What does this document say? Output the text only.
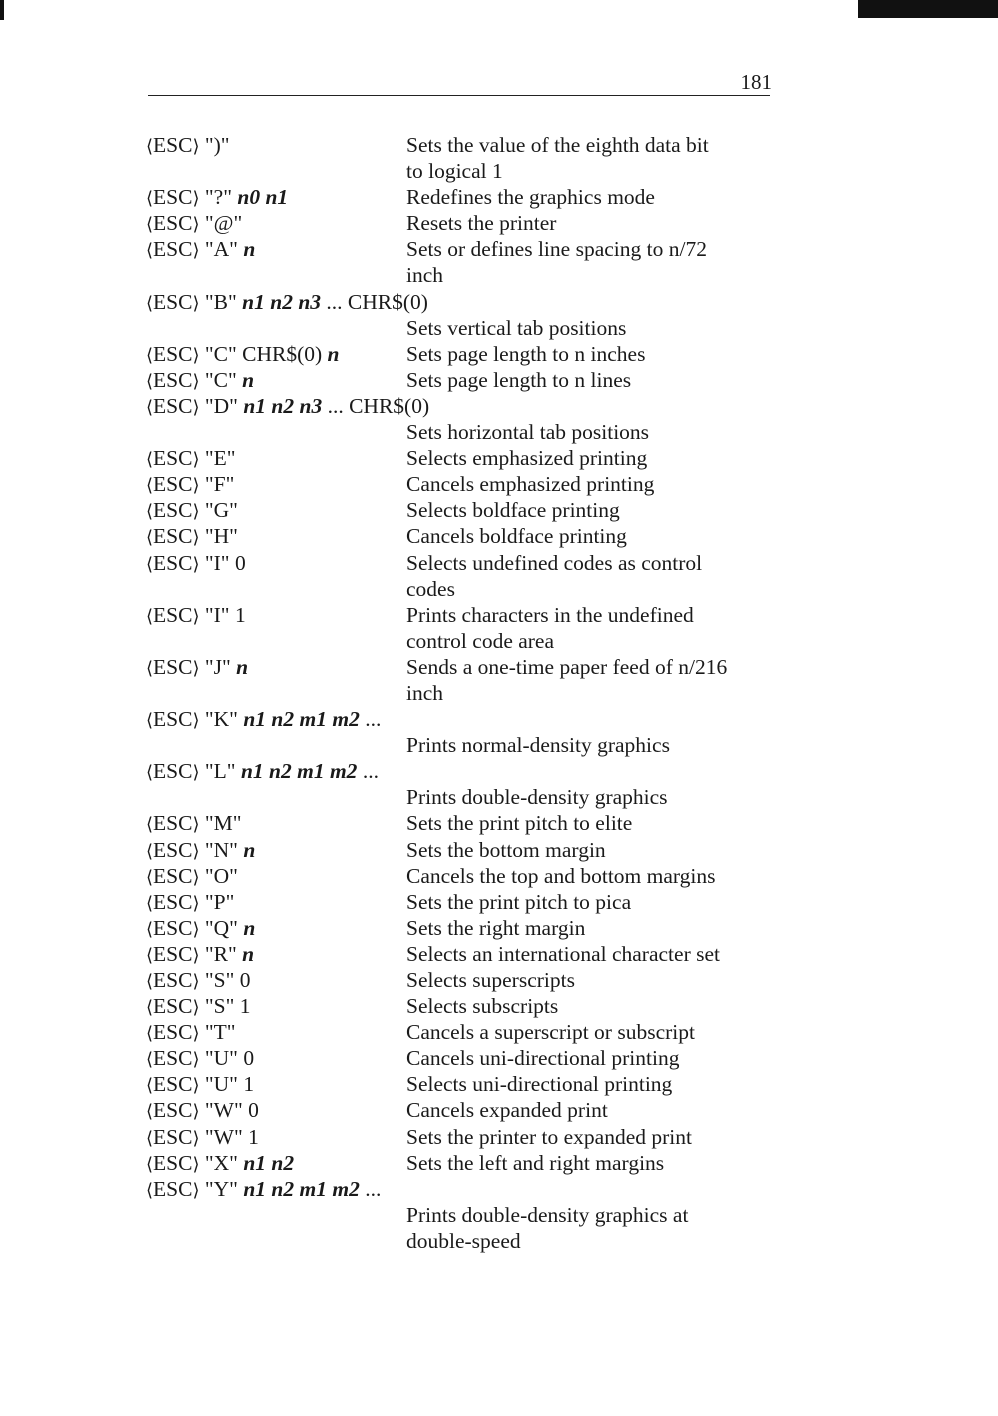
181
⟨ESC⟩ ")"	Sets the value of the eighth data bit
to logical 1
⟨ESC⟩ "?" n0 n1	Redefines the graphics mode
⟨ESC⟩ "@"	Resets the printer
⟨ESC⟩ "A" n	Sets or defines line spacing to n/72
inch
⟨ESC⟩ "B" n1 n2 n3 ... CHR$(0)
Sets vertical tab positions
⟨ESC⟩ "C" CHR$(0) n	Sets page length to n inches
⟨ESC⟩ "C" n	Sets page length to n lines
⟨ESC⟩ "D" n1 n2 n3 ... CHR$(0)
Sets horizontal tab positions
⟨ESC⟩ "E"	Selects emphasized printing
⟨ESC⟩ "F"	Cancels emphasized printing
⟨ESC⟩ "G"	Selects boldface printing
⟨ESC⟩ "H"	Cancels boldface printing
⟨ESC⟩ "I" 0	Selects undefined codes as control
codes
⟨ESC⟩ "I" 1	Prints characters in the undefined
control code area
⟨ESC⟩ "J" n	Sends a one-time paper feed of n/216
inch
⟨ESC⟩ "K" n1 n2 m1 m2 ...
Prints normal-density graphics
⟨ESC⟩ "L" n1 n2 m1 m2 ...
Prints double-density graphics
⟨ESC⟩ "M"	Sets the print pitch to elite
⟨ESC⟩ "N" n	Sets the bottom margin
⟨ESC⟩ "O"	Cancels the top and bottom margins
⟨ESC⟩ "P"	Sets the print pitch to pica
⟨ESC⟩ "Q" n	Sets the right margin
⟨ESC⟩ "R" n	Selects an international character set
⟨ESC⟩ "S" 0	Selects superscripts
⟨ESC⟩ "S" 1	Selects subscripts
⟨ESC⟩ "T"	Cancels a superscript or subscript
⟨ESC⟩ "U" 0	Cancels uni-directional printing
⟨ESC⟩ "U" 1	Selects uni-directional printing
⟨ESC⟩ "W" 0	Cancels expanded print
⟨ESC⟩ "W" 1	Sets the printer to expanded print
⟨ESC⟩ "X" n1 n2	Sets the left and right margins
⟨ESC⟩ "Y" n1 n2 m1 m2 ...
Prints double-density graphics at
double-speed
